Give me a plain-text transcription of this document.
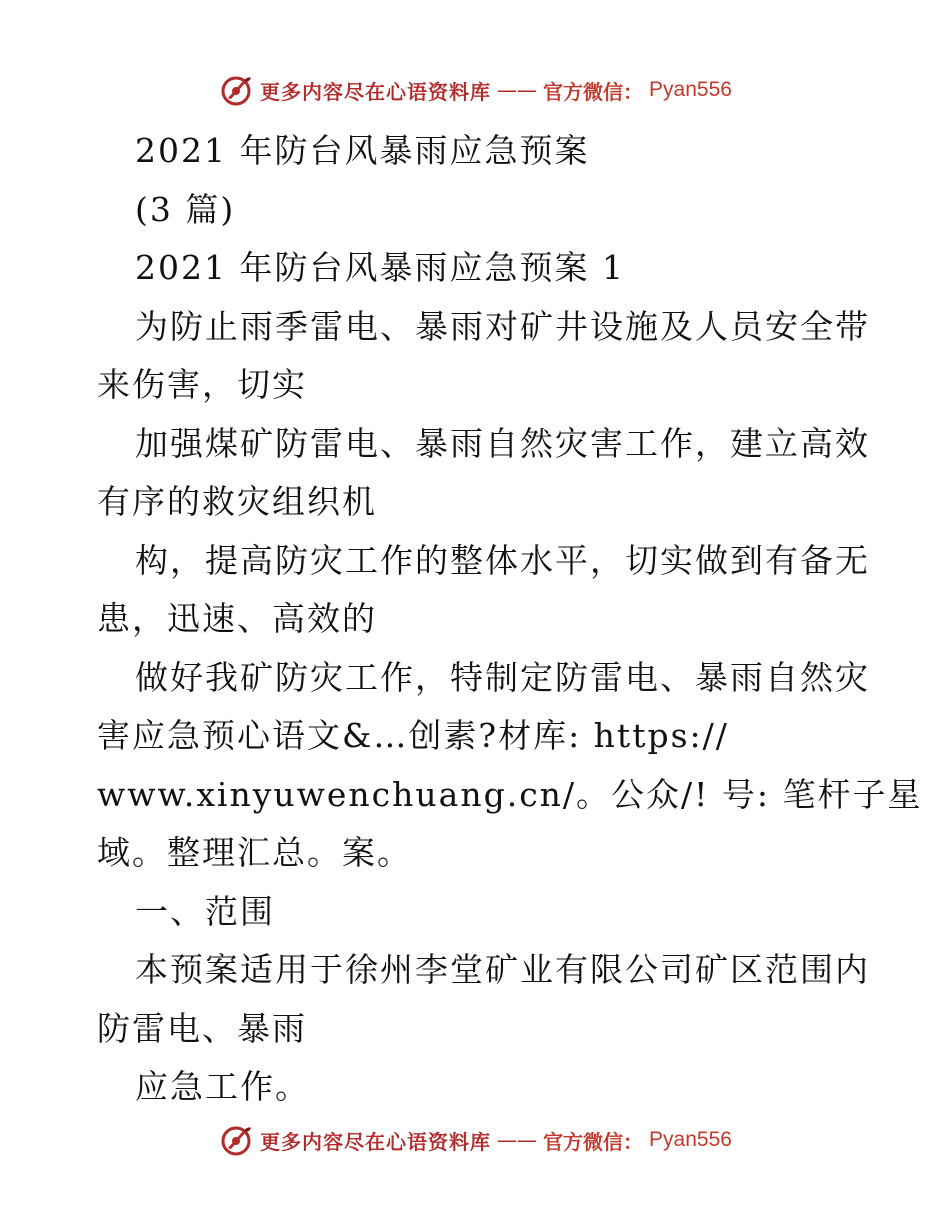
更多内容尽在心语资料库 —— 官方微信： Pyan556
2021 年防台风暴雨应急预案
(3 篇)
2021 年防台风暴雨应急预案 1
为防止雨季雷电、暴雨对矿井设施及人员安全带
来伤害，切实
加强煤矿防雷电、暴雨自然灾害工作，建立高效
有序的救灾组织机
构，提高防灾工作的整体水平，切实做到有备无
患，迅速、高效的
做好我矿防灾工作，特制定防雷电、暴雨自然灾
害应急预心语文&…创素?材库: https://
www.xinyuwenchuang.cn/。公众/! 号: 笔杆子星
域。整理汇总。案。
一、范围
本预案适用于徐州李堂矿业有限公司矿区范围内
防雷电、暴雨
应急工作。
更多内容尽在心语资料库 —— 官方微信： Pyan556
